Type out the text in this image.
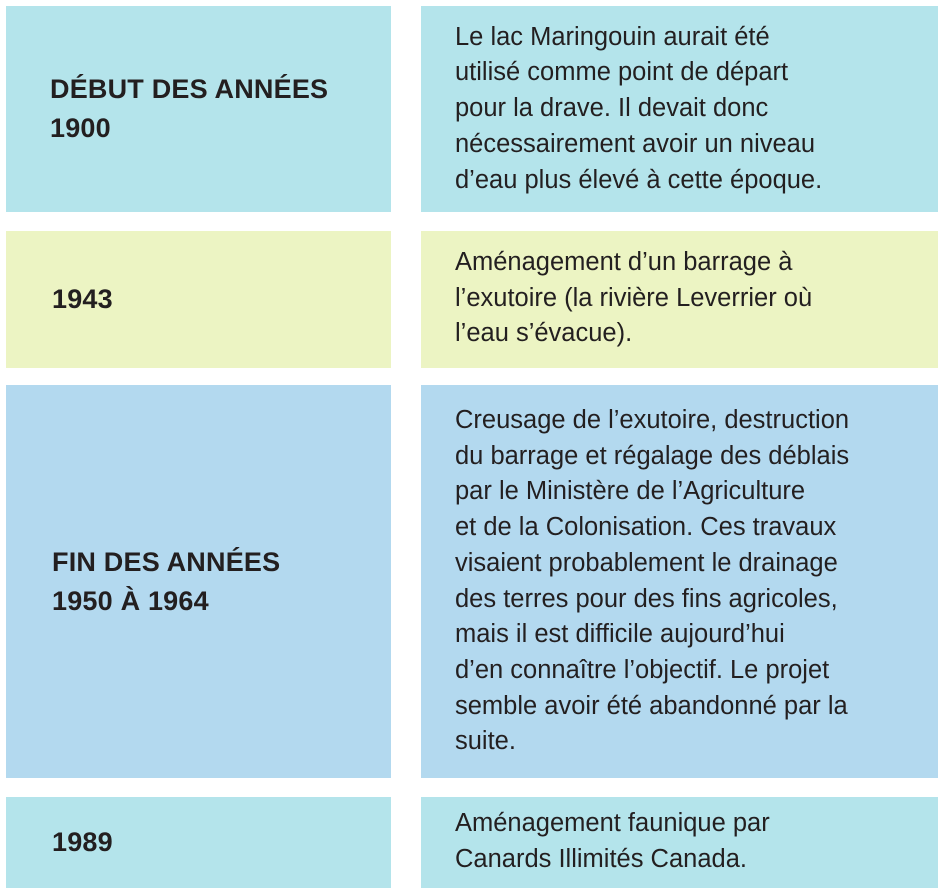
DÉBUT DES ANNÉES
1900
Le lac Maringouin aurait été
utilisé comme point de départ
pour la drave. Il devait donc
nécessairement avoir un niveau
d’eau plus élevé à cette époque.
1943
Aménagement d’un barrage à
l’exutoire (la rivière Leverrier où
l’eau s’évacue).
FIN DES ANNÉES
1950 À 1964
Creusage de l’exutoire, destruction
du barrage et régalage des déblais
par le Ministère de l’Agriculture
et de la Colonisation. Ces travaux
visaient probablement le drainage
des terres pour des fins agricoles,
mais il est difficile aujourd’hui
d’en connaître l’objectif. Le projet
semble avoir été abandonné par la
suite.
1989
Aménagement faunique par
Canards Illimités Canada.
